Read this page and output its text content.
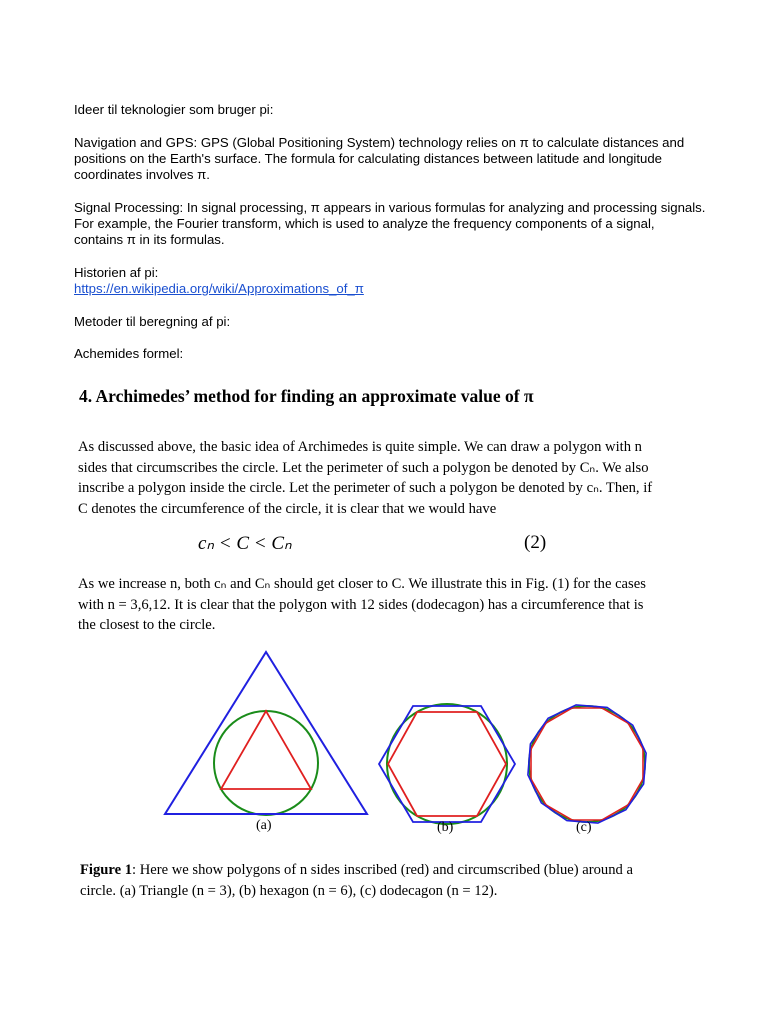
Ideer til teknologier som bruger pi:

Navigation and GPS: GPS (Global Positioning System) technology relies on π to calculate distances and

positions on the Earth's surface. The formula for calculating distances between latitude and longitude

coordinates involves π.

Signal Processing: In signal processing, π appears in various formulas for analyzing and processing signals.

For example, the Fourier transform, which is used to analyze the frequency components of a signal,

contains π in its formulas.

Historien af pi:

https://en.wikipedia.org/wiki/Approximations_of_π

Metoder til beregning af pi:

Achemides formel:

4. Archimedes’ method for finding an approximate value of π
As discussed above, the basic idea of Archimedes is quite simple. We can draw a polygon with n
sides that circumscribes the circle. Let the perimeter of such a polygon be denoted by Cₙ. We also
inscribe a polygon inside the circle. Let the perimeter of such a polygon be denoted by cₙ. Then, if
C denotes the circumference of the circle, it is clear that we would have
cₙ < C < Cₙ	(2)
As we increase n, both cₙ and Cₙ should get closer to C. We illustrate this in Fig. (1) for the cases
with n = 3,6,12. It is clear that the polygon with 12 sides (dodecagon) has a circumference that is
the closest to the circle.
(a)	(b)	(c)
Figure 1: Here we show polygons of n sides inscribed (red) and circumscribed (blue) around a
circle. (a) Triangle (n = 3), (b) hexagon (n = 6), (c) dodecagon (n = 12).
